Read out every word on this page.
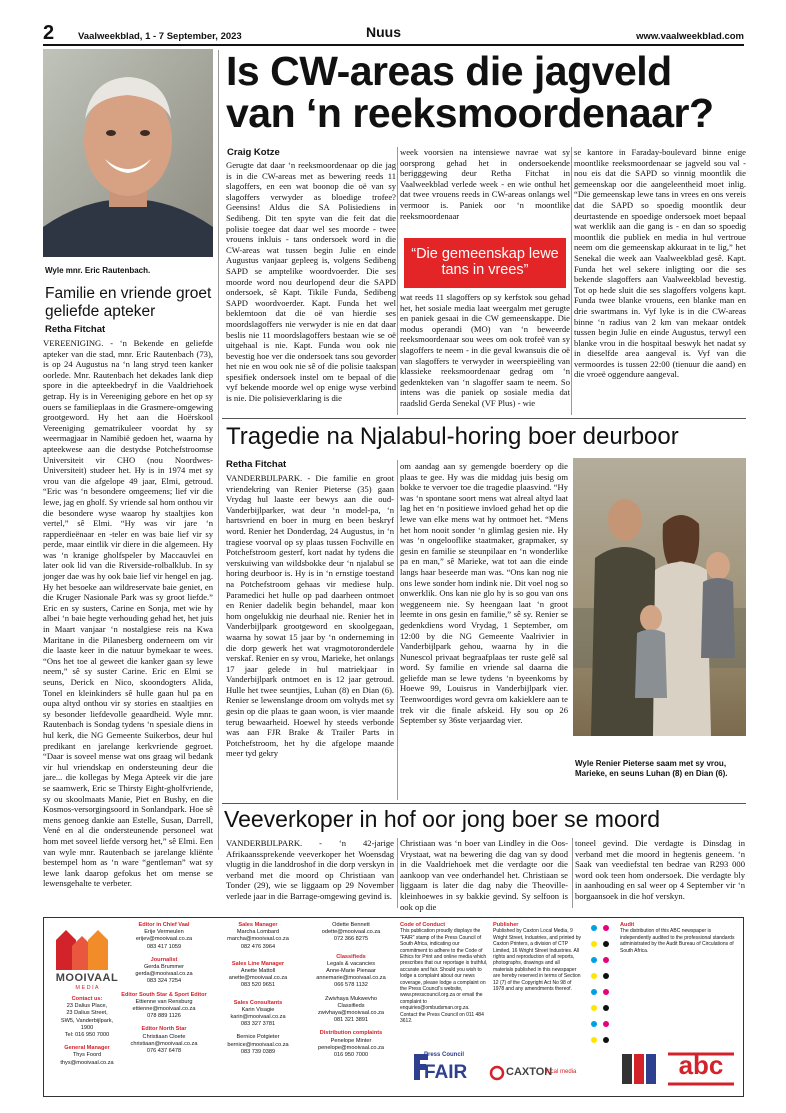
2	Vaalweekblad, 1 - 7 September, 2023	Nuus	www.vaalweekblad.com
Wyle mnr. Eric Rautenbach.
Familie en vriende groet geliefde apteker
Retha Fitchat
VEREENIGING. - ‘n Bekende en geliefde apteker van die stad, mnr. Eric Rautenbach (73), is op 24 Augustus na ‘n lang stryd teen kanker oorlede. Mnr. Rautenbach het dekades lank diep spore in die apteekbedryf in die Vaaldriehoek getrap. Hy is in Vereeniging gebore en het op sy ouers se familieplaas in die Grasmere-omgewing grootgeword. Hy het aan die Hoërskool Vereeniging gematrikuleer voordat hy sy weermagjaar in Namibië gedoen het, waarna hy apteekwese aan die destydse Potchefstroomse Universiteit vir CHO (nou Noordwes-Universiteit) studeer het. Hy is in 1974 met sy vrou van die afgelope 49 jaar, Elmi, getroud. “Eric was ‘n besondere omgeemens; lief vir die lewe, jag en gholf. Sy vriende sal hom onthou vir die besondere wyse waarop hy staaltjies kon vertel,” sê Elmi. “Hy was vir jare ‘n rapperdieënaar en -teler en was baie lief vir sy perde, maar eintlik vir diere in die algemeen. Hy was ‘n kranige gholfspeler by Maccauvlei en later ook lid van die Riverside-rolbalklub. In sy jonger dae was hy ook baie lief vir hengel en jag. Hy het besoeke aan wildreservate baie geniet, en die Kruger Nasionale Park was sy groot liefde.” Eric en sy susters, Carine en Sonja, met wie hy albei ‘n baie hegte verhouding gehad het, het juis in Maart vanjaar ‘n nostalgiese reis na Kwa Maritane in die Pilanesberg onderneem om vir die laaste keer in die natuur bymekaar te wees. “Ons het toe al geweet die kanker gaan sy lewe neem,” sê sy suster Carine. Eric en Elmi se seuns, Derick en Nico, skoondogters Alida, Tonel en kleinkinders sê hulle gaan hul pa en oupa altyd onthou vir sy stories en staaltjies en sy besonder liefdevolle geaardheid. Wyle mnr. Rautenbach is Sondag tydens ‘n spesiale diens in hul kerk, die NG Gemeente Suikerbos, deur hul predikant en jarelange kerkvriende gegroet. “Daar is soveel mense wat ons graag wil bedank vir hul vriendskap en ondersteuning deur die jare... die kollegas by Mega Apteek vir die jare se saamwerk, Eric se Thirsty Eight-gholfvriende, sy ou skoolmaats Manie, Piet en Bushy, en die Kosmos-versorgingsoord in Sonlandpark. Hoe sê mens genoeg dankie aan Estelle, Susan, Darrell, Vené en al die ondersteunende personeel wat hom met soveel liefde versorg het,” sê Elmi. Een van wyle mnr. Rautenbach se jarelange kliënte bestempel hom as ‘n ware “gentleman” wat sy lewe lank daarop gefokus het om mense se lewensgehalte te verbeter.
Is CW-areas die jagveld van ‘n reeksmoordenaar?
Craig Kotze
Gerugte dat daar ‘n reeksmoordenaar op die jag is in die CW-areas met as bewering reeds 11 slagoffers, en een wat boonop die oë van sy slagoffers verwyder as bloedige trofee? Geensins! Aldus die SA Polisiediens in Sedibeng. Dit ten spyte van die feit dat die polisie toegee dat daar wel ses moorde - twee vrouens inkluis - tans ondersoek word in die CW-areas wat tussen begin Julie en einde Augustus vanjaar gepleeg is, volgens Sedibeng SAPD se amptelike woordvoerder. Die ses moorde word nou deurlopend deur die SAPD ondersoek, sê Kapt. Tikile Funda, Sedibeng SAPD woordvoerder. Kapt. Funda het wel beklemtoon dat die oë van hierdie ses moordslagoffers nie verwyder is nie en dat daar beslis nie 11 moordslagoffers bestaan wie se oë uitgehaal is nie. Kapt. Funda wou ook nie bevestig hoe ver die ondersoek tans sou gevorder het nie en wou ook nie sê of die polisie taakspan spesifiek ondersoek instel om te bepaal of die vyf bekende moorde wel op enige wyse verbind is nie. Die polisieverklaring is die
week voorsien na intensiewe navrae wat sy oorsprong gehad het in ondersoekende berigggewing deur Retha Fitchat in Vaalweekblad verlede week - en wie onthul het dat twee vrouens reeds in CW-areas onlangs wel vermoor is. Paniek oor ‘n moontlike reeksmoordenaar
“Die gemeenskap lewe tans in vrees”
wat reeds 11 slagoffers op sy kerfstok sou gehad het, het sosiale media laat weergalm met gerugte en paniek gesaai in die CW gemeenskappe. Die modus operandi (MO) van ‘n beweerde reeksmoordenaar sou wees om ook trofeë van sy slagoffers te neem - in die geval kwansuis die oë van slagoffers te verwyder in weerspieëling van klassieke reeksmoordenaar gedrag om ‘n gedenkteken van ‘n slagoffer saam te neem. So intens was die paniek op sosiale media dat raadslid Gerda Senekal (VF Plus) - wie
se kantore in Faraday-boulevard binne enige moontlike reeksmoordenaar se jagveld sou val - nou eis dat die SAPD so vinnig moontlik die gemeenskap oor die aangeleentheid moet inlig. “Die gemeenskap lewe tans in vrees en ons vereis dat die SAPD so spoedig moontlik deur deurtastende en spoedige ondersoek moet bepaal wat werklik aan die gang is - en dan so spoedig moontlik die publiek en media in hul vertroue neem om die gemeenskap akkuraat in te lig,” het Senekal die week aan Vaalweekblad gesê. Kapt. Funda het wel sekere inligting oor die ses bekende slagoffers aan Vaalweekblad bevestig. Tot op hede sluit die ses slagoffers volgens kapt. Funda twee blanke vrouens, een blanke man en drie swartmans in. Vyf lyke is in die CW-areas binne ‘n radius van 2 km van mekaar ontdek tussen begin Julie en einde Augustus, terwyl een blanke vrou in die hospitaal beswyk het nadat sy in dieselfde area aangeval is. Vyf van die vermoordes is tussen 22:00 (tienuur die aand) en die vroeë oggendure aangeval.
Tragedie na Njalabul-horing boer deurboor
Retha Fitchat
VANDERBIJLPARK. - Die familie en groot vriendekring van Renier Pieterse (35) gaan Vrydag hul laaste eer bewys aan die oud-Vanderbijlparker, wat deur ‘n model-pa, ‘n hartsvriend en boer in murg en been beskryf word. Renier het Donderdag, 24 Augustus, in ‘n tragiese voorval op sy plaas tussen Fochville en Potchefstroom gesterf, kort nadat hy tydens die verskuiwing van wildsbokke deur ‘n njalabul se horing deurboor is. Hy is in ‘n ernstige toestand na Potchefstroom gehaas vir mediese hulp. Paramedici het hulle op pad daarheen ontmoet en Renier dadelik begin behandel, maar kon hom ongelukkig nie deurhaal nie. Renier het in Vanderbijlpark grootgeword en skoolgegaan, waarna hy sowat 15 jaar by ‘n onderneming in die dorp gewerk het wat vragmotoronderdele verskaf. Renier en sy vrou, Marieke, het onlangs 17 jaar gelede in hul matriekjaar in Vanderbijlpark ontmoet en is 12 jaar getroud. Hulle het twee seuntjies, Luhan (8) en Dian (6). Renier se lewenslange droom om voltyds met sy gesin op die plaas te gaan woon, is vier maande terug bewaarheid. Hoewel hy steeds verbonde was aan FJR Brake & Trailer Parts in Potchefstroom, het hy die afgelope maande meer tyd gekry
om aandag aan sy gemengde boerdery op die plaas te gee. Hy was die middag juis besig om bokke te vervoer toe die tragedie plaasvind. “Hy was ‘n spontane soort mens wat alreal altyd laat lag het en ‘n positiewe invloed gehad het op die lewe van elke mens wat hy ontmoet het. “Mens het hom nooit sonder ‘n glimlag gesien nie. Hy was ‘n ongelooflike staatmaker, grapmaker, sy gesin en familie se steunpilaar en ‘n wonderlike pa en man,” sê Marieke, wat tot aan die einde langs haar beseerde man was. “Ons kan nog nie ons lewe sonder hom indink nie. Dit voel nog so onwerklik. Ons kan nie glo hy is so gou van ons weggeneem nie. Sy heengaan laat ‘n groot leemte in ons gesin en familie,” sê sy. Renier se gedenkdiens word Vrydag, 1 September, om 12:00 by die NG Gemeente Vaalrivier in Vanderbijlpark gehou, waarna hy in die Nunescol privaat begraafplaas ter ruste gelê sal word. Sy familie en vriende sal daarna die geliefde man se lewe tydens ‘n byeenkoms by Hoewe 99, Louisrus in Vanderbijlpark vier. Teenwoordiges word gevra om kakieklere aan te trek vir die finale afskeid. Hy sou op 26 September sy 36ste verjaardag vier.
Wyle Renier Pieterse saam met sy vrou, Marieke, en seuns Luhan (8) en Dian (6).
Veeverkoper in hof oor jong boer se moord
VANDERBIJLPARK. - ‘n 42-jarige Afrikaanssprekende veeverkoper het Woensdag vlugtig in die landdroshof in die dorp verskyn in verband met die moord op Christiaan van Tonder (29), wie se liggaam op 29 November verlede jaar in die Barrage-omgewing gevind is.
Christiaan was ‘n boer van Lindley in die Oos-Vrystaat, wat na bewering die dag van sy dood in die Vaaldriehoek met die verdagte oor die aankoop van vee onderhandel het. Christiaan se liggaam is later die dag naby die Theoville-kleinhoewes in sy bakkie gevind. Sy selfoon is ook op die
toneel gevind. Die verdagte is Dinsdag in verband met die moord in hegtenis geneem. ‘n Saak van veediefstal ten bedrae van R293 000 word ook teen hom ondersoek. Die verdagte bly in aanhouding en sal weer op 4 September vir ‘n borgaansoek in die hof verskyn.
MOOIVAAL
M E D I A
Contact us:
23 Dalius Place,
23 Dalius Street,
SW5, Vanderbijlpark,
1900
Tel: 016 950 7000
General Manager
Thys Foord
thys@mooivaal.co.za
Editor in Chief Vaal
Erije Vermeulen
erijev@mooivaal.co.za
083 417 1059
Journalist
Gerda Brummer
gerda@mooivaal.co.za
083 324 7254
Editor South Star & Sport Editor
Ettienne van Rensburg
ettienne@mooivaal.co.za
078 889 1126
Editor North Star
Christiaan Cloete
christiaan@mooivaal.co.za
076 437 6478
Sales Manager
Marcha Lombard
marcha@mooivaal.co.za
082 476 3964
Sales Line Manager
Anette Mattoll
anette@mooivaal.co.za
083 520 9651
Sales Consultants
Karin Visagie
karin@mooivaal.co.za
083 327 3781
Bernice Potgieter
bernice@mooivaal.co.za
083 739 0389
Odette Bennett
odette@mooivaal.co.za
072 366 8275
Classifieds
Legals & vacancies
Anne-Marie Pienaar
annemarie@mooivaal.co.za
066 578 1132
Zwivhaya Mukwevho
Classifieds
zwivhaya@mooivaal.co.za
081 321 3891
Distribution complaints
Penelope Minter
penelope@mooivaal.co.za
016 950 7000
Code of Conduct
This publication proudly displays the “FAIR” stamp of the Press Council of South Africa, indicating our commitment to adhere to the Code of Ethics for Print and online media which prescribes that our reportage is truthful, accurate and fair. Should you wish to lodge a complaint about our news coverage, please lodge a complaint on the Press Council’s website, www.presscouncil.org.za or email the complaint to enquiries@ombudsman.org.za. Contact the Press Council on 011 484 3612.
Press Council
FAIR
Publisher
Published by Caxton Local Media, 9 Wright Street, Industries, and printed by Caxton Printers, a division of CTP Limited, 16 Wright Street Industries. All rights and reproduction of all reports, photographs, drawings and all materials published in this newspaper are hereby reserved in terms of Section 12 (7) of the Copyright Act No 98 of 1978 and any amendments thereof.
CAXTON
local media
Audit
The distribution of this ABC newspaper is independently audited to the professional standards administrated by the Audit Bureau of Circulations of South Africa.
abc
